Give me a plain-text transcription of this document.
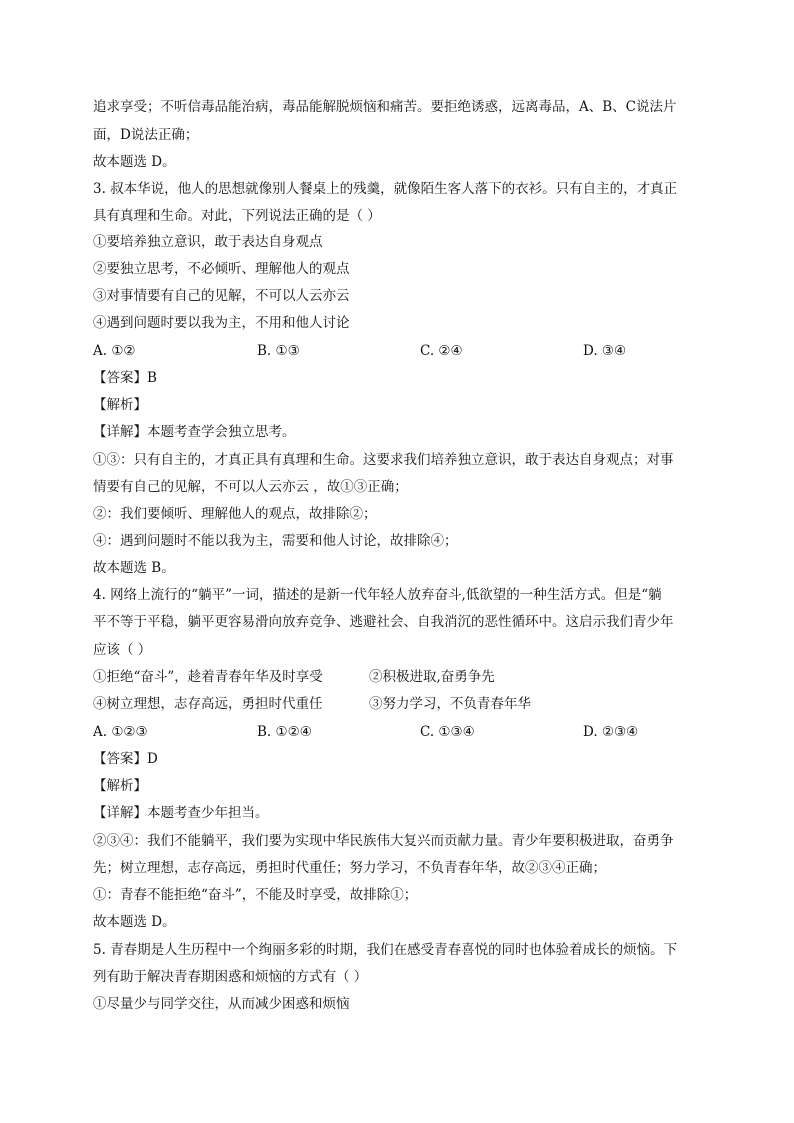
追求享受；不听信毒品能治病，毒品能解脱烦恼和痛苦。要拒绝诱惑，远离毒品，A、B、C说法片
面，D说法正确；
故本题选 D。
3. 叔本华说，他人的思想就像别人餐桌上的残羹，就像陌生客人落下的衣衫。只有自主的，才真正
具有真理和生命。对此，下列说法正确的是（ ）
①要培养独立意识，敢于表达自身观点
②要独立思考，不必倾听、理解他人的观点
③对事情要有自己的见解，不可以人云亦云
④遇到问题时要以我为主，不用和他人讨论
A. ①②	B. ①③	C. ②④	D. ③④
【答案】B
【解析】
【详解】本题考查学会独立思考。
①③：只有自主的，才真正具有真理和生命。这要求我们培养独立意识，敢于表达自身观点；对事
情要有自己的见解，不可以人云亦云 ，故①③正确；
②：我们要倾听、理解他人的观点，故排除②；
④：遇到问题时不能以我为主，需要和他人讨论，故排除④；
故本题选 B。
4. 网络上流行的“躺平”一词，描述的是新一代年轻人放弃奋斗,低欲望的一种生活方式。但是“躺
平不等于平稳，躺平更容易滑向放弃竞争、逃避社会、自我消沉的恶性循环中。这启示我们青少年
应该（ ）
①拒绝“奋斗”，趁着青春年华及时享受	②积极进取,奋勇争先
④树立理想，志存高远，勇担时代重任	③努力学习，不负青春年华
A. ①②③	B. ①②④	C. ①③④	D. ②③④
【答案】D
【解析】
【详解】本题考查少年担当。
②③④：我们不能躺平，我们要为实现中华民族伟大复兴而贡献力量。青少年要积极进取，奋勇争
先；树立理想，志存高远，勇担时代重任；努力学习，不负青春年华，故②③④正确；
①：青春不能拒绝“奋斗”，不能及时享受，故排除①；
故本题选 D。
5. 青春期是人生历程中一个绚丽多彩的时期，我们在感受青春喜悦的同时也体验着成长的烦恼。下
列有助于解决青春期困惑和烦恼的方式有（ ）
①尽量少与同学交往，从而减少困惑和烦恼
